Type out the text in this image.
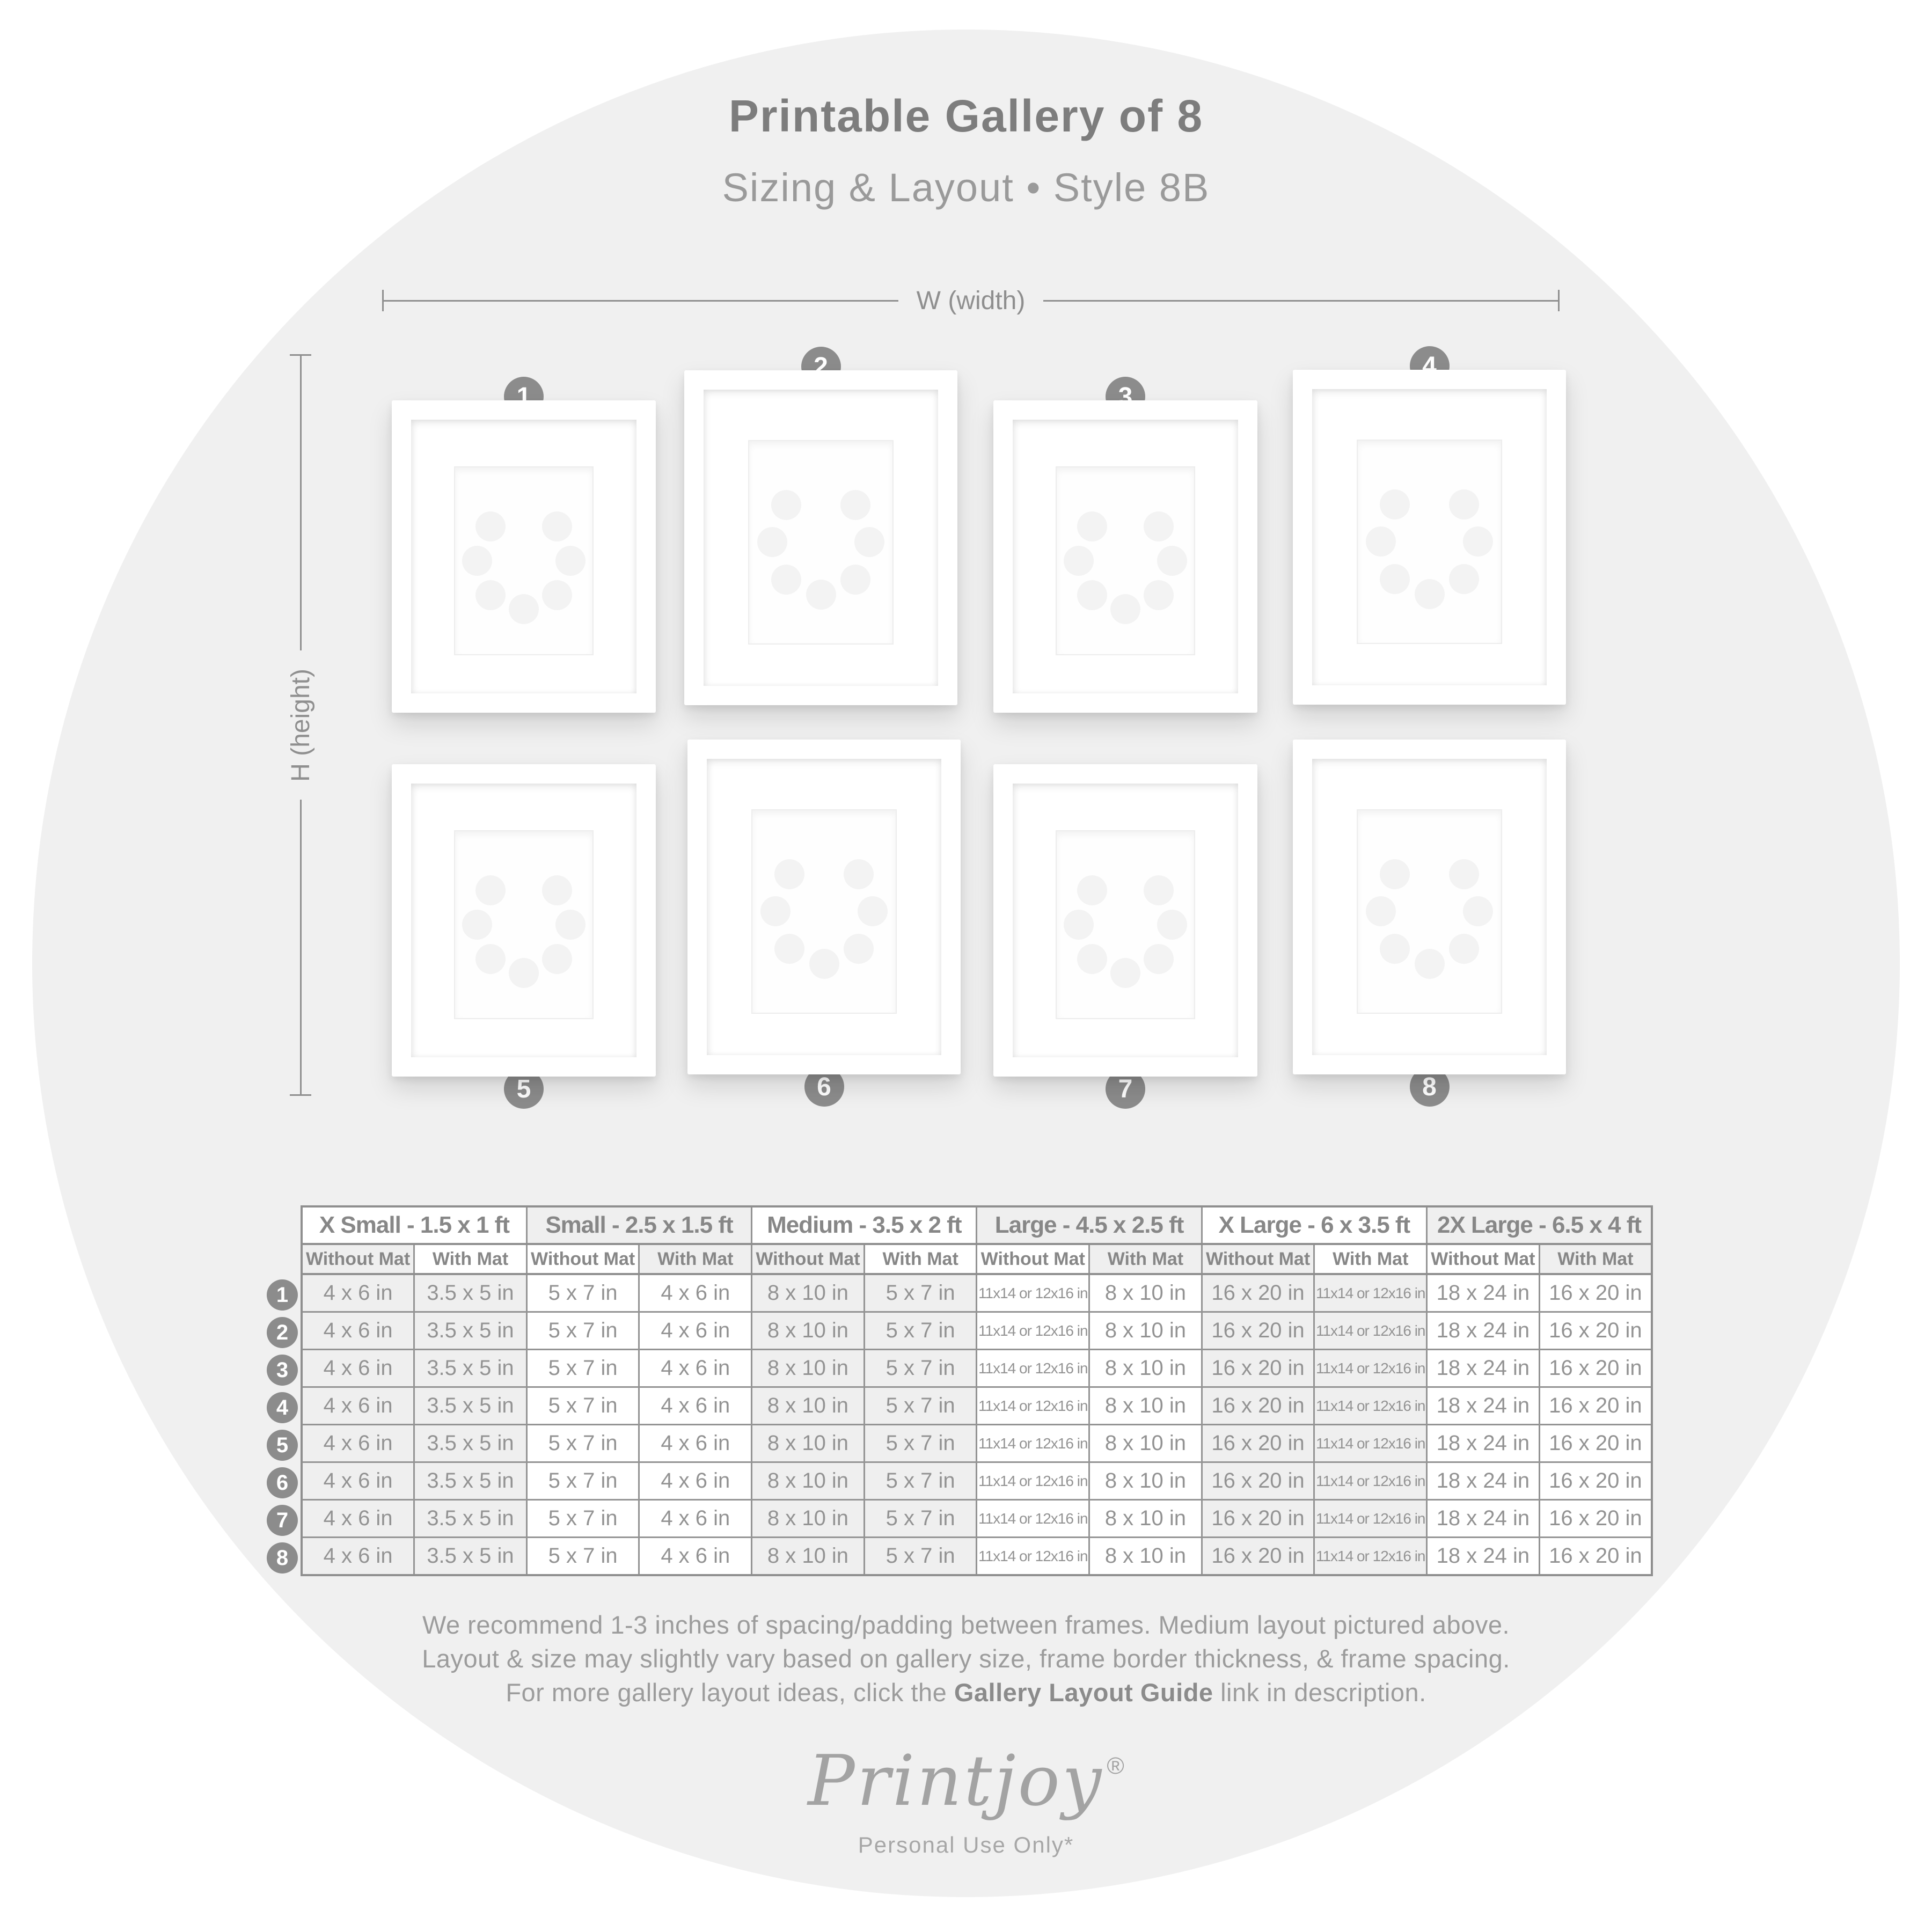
Printable Gallery of 8
Sizing & Layout • Style 8B
W (width)
H (height)
1
2
3
4
5	6	7	8
X Small - 1.5 x 1 ft		Small - 2.5 x 1.5 ft		Medium - 3.5 x 2 ft		Large - 4.5 x 2.5 ft		X Large - 6 x 3.5 ft		2X Large - 6.5 x 4 ft	
Without Mat	With Mat	Without Mat	With Mat	Without Mat	With Mat	Without Mat	With Mat	Without Mat	With Mat	Without Mat	With Mat
4 x 6 in	3.5 x 5 in	5 x 7 in	4 x 6 in	8 x 10 in	5 x 7 in	11x14 or 12x16 in	8 x 10 in	16 x 20 in	11x14 or 12x16 in	18 x 24 in	16 x 20 in
4 x 6 in	3.5 x 5 in	5 x 7 in	4 x 6 in	8 x 10 in	5 x 7 in	11x14 or 12x16 in	8 x 10 in	16 x 20 in	11x14 or 12x16 in	18 x 24 in	16 x 20 in
4 x 6 in	3.5 x 5 in	5 x 7 in	4 x 6 in	8 x 10 in	5 x 7 in	11x14 or 12x16 in	8 x 10 in	16 x 20 in	11x14 or 12x16 in	18 x 24 in	16 x 20 in
4 x 6 in	3.5 x 5 in	5 x 7 in	4 x 6 in	8 x 10 in	5 x 7 in	11x14 or 12x16 in	8 x 10 in	16 x 20 in	11x14 or 12x16 in	18 x 24 in	16 x 20 in
4 x 6 in	3.5 x 5 in	5 x 7 in	4 x 6 in	8 x 10 in	5 x 7 in	11x14 or 12x16 in	8 x 10 in	16 x 20 in	11x14 or 12x16 in	18 x 24 in	16 x 20 in
4 x 6 in	3.5 x 5 in	5 x 7 in	4 x 6 in	8 x 10 in	5 x 7 in	11x14 or 12x16 in	8 x 10 in	16 x 20 in	11x14 or 12x16 in	18 x 24 in	16 x 20 in
4 x 6 in	3.5 x 5 in	5 x 7 in	4 x 6 in	8 x 10 in	5 x 7 in	11x14 or 12x16 in	8 x 10 in	16 x 20 in	11x14 or 12x16 in	18 x 24 in	16 x 20 in
4 x 6 in	3.5 x 5 in	5 x 7 in	4 x 6 in	8 x 10 in	5 x 7 in	11x14 or 12x16 in	8 x 10 in	16 x 20 in	11x14 or 12x16 in	18 x 24 in	16 x 20 in
1
2
3
4
5
6
7
8

We recommend 1-3 inches of spacing/padding between frames. Medium layout pictured above.

Layout & size may slightly vary based on gallery size, frame border thickness, & frame spacing.

For more gallery layout ideas, click the Gallery Layout Guide link in description.

Printjoy ®
Personal Use Only*
